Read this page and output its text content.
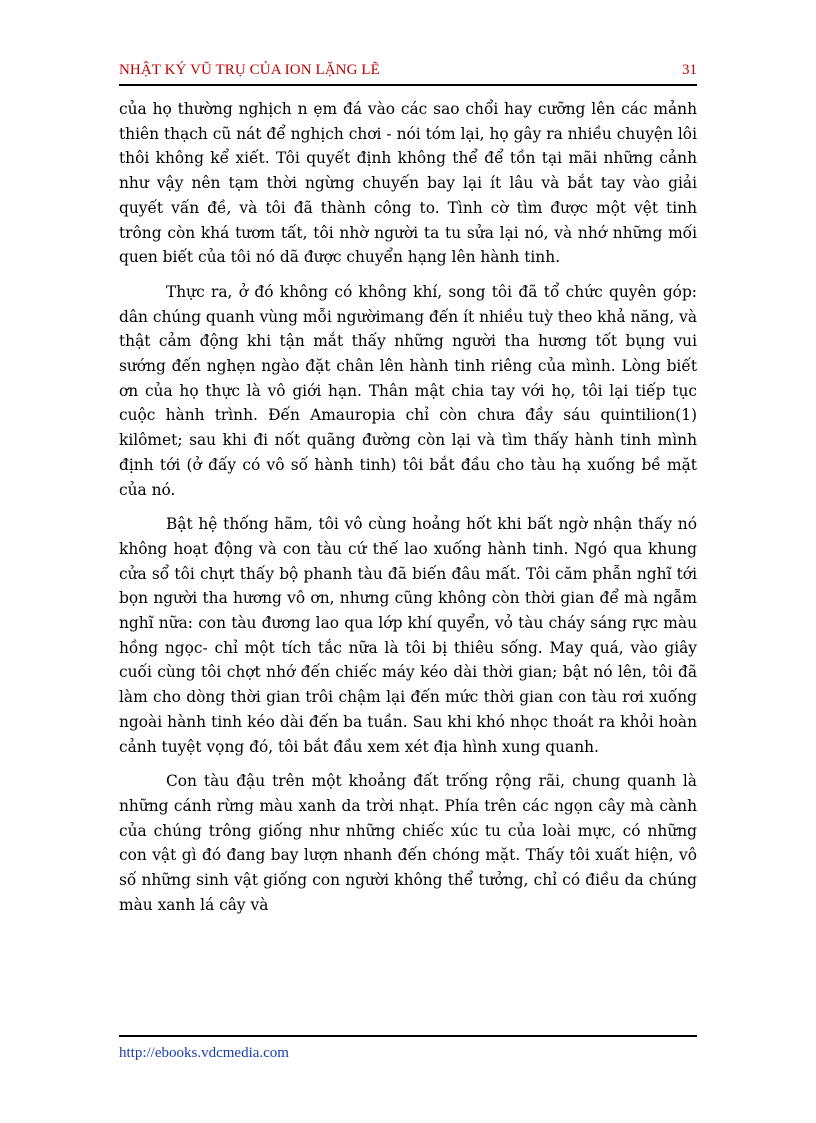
NHẬT KÝ VŨ TRỤ CỦA ION LẶNG LẼ	31

của họ thường nghịch n ẹm đá vào các sao chổi hay cưỡng lên các mảnh thiên thạch cũ nát để nghịch chơi - nói tóm lại, họ gây ra nhiều chuyện lôi thôi không kể xiết. Tôi quyết định không thể để tồn tại mãi những cảnh như vậy nên tạm thời ngừng chuyến bay lại ít lâu và bắt tay vào giải quyết vấn đề, và tôi đã thành công to. Tình cờ tìm được một vệt tinh trông còn khá tươm tất, tôi nhờ người ta tu sửa lại nó, và nhớ những mối quen biết của tôi nó dã được chuyển hạng lên hành tinh.

Thực ra, ở đó không có không khí, song tôi đã tổ chức quyên góp: dân chúng quanh vùng mỗi ngườimang đến ít nhiều tuỳ theo khả năng, và thật cảm động khi tận mắt thấy những người tha hương tốt bụng vui sướng đến nghẹn ngào đặt chân lên hành tinh riêng của mình. Lòng biết ơn của họ thực là vô giới hạn. Thân mật chia tay với họ, tôi lại tiếp tục cuộc hành trình. Đến Amauropia chỉ còn chưa đầy sáu quintilion(1) kilômet; sau khi đi nốt quãng đường còn lại và tìm thấy hành tinh mình định tới (ở đấy có vô số hành tinh) tôi bắt đầu cho tàu hạ xuống bề mặt của nó.

Bật hệ thống hãm, tôi vô cùng hoảng hốt khi bất ngờ nhận thấy nó không hoạt động và con tàu cứ thế lao xuống hành tinh. Ngó qua khung cửa sổ tôi chựt thấy bộ phanh tàu đã biến đâu mất. Tôi căm phẫn nghĩ tới bọn người tha hương vô ơn, nhưng cũng không còn thời gian để mà ngẫm nghĩ nữa: con tàu đương lao qua lớp khí quyển, vỏ tàu cháy sáng rực màu hồng ngọc- chỉ một tích tắc nữa là tôi bị thiêu sống. May quá, vào giây cuối cùng tôi chợt nhớ đến chiếc máy kéo dài thời gian; bật nó lên, tôi đã làm cho dòng thời gian trôi chậm lại đến mức thời gian con tàu rơi xuống ngoài hành tinh kéo dài đến ba tuần. Sau khi khó nhọc thoát ra khỏi hoàn cảnh tuyệt vọng đó, tôi bắt đầu xem xét địa hình xung quanh.

Con tàu đậu trên một khoảng đất trống rộng rãi, chung quanh là những cánh rừng màu xanh da trời nhạt. Phía trên các ngọn cây mà cành của chúng trông giống như những chiếc xúc tu của loài mực, có những con vật gì đó đang bay lượn nhanh đến chóng mặt. Thấy tôi xuất hiện, vô số những sinh vật giống con người không thể tưởng, chỉ có điều da chúng màu xanh lá cây và

http://ebooks.vdcmedia.com
